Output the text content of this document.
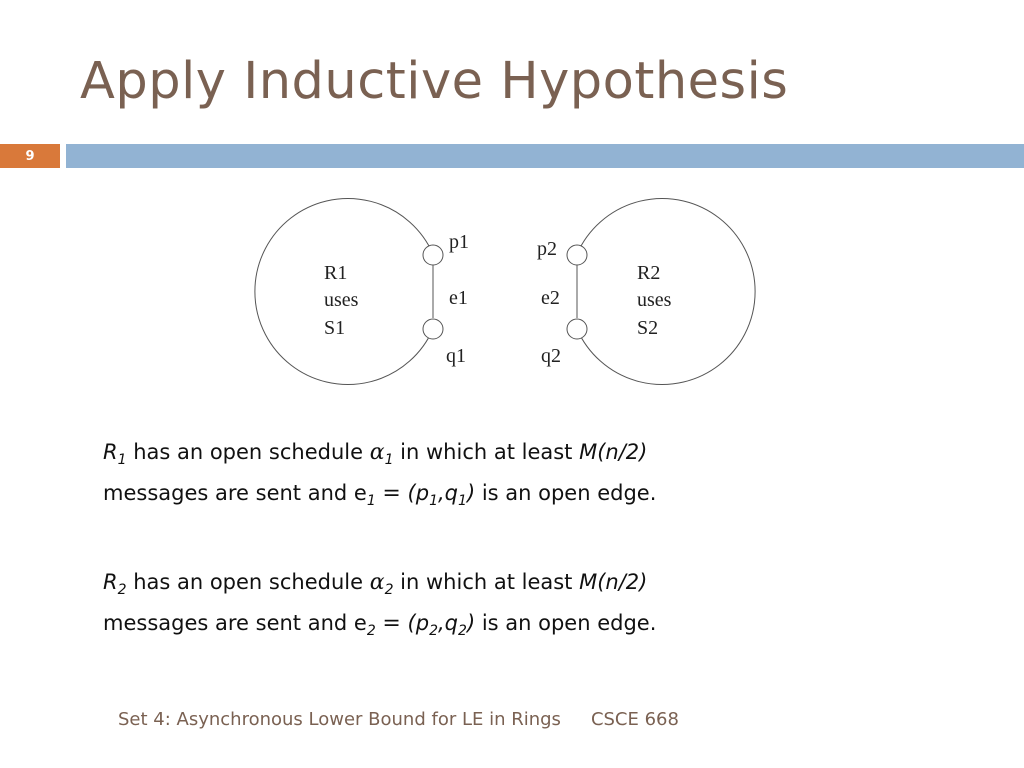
Apply Inductive Hypothesis
9
R1
uses
S1
p1
e1
q1
R2
uses
S2
p2
e2
q2
$R_1$ has an open schedule $\alpha_1$ in which at least M(n/2)
messages are sent and $e_1 = (p_1,q_1)$ is an open edge.
$R_2$ has an open schedule $\alpha_2$ in which at least M(n/2)
messages are sent and $e_2 = (p_2,q_2)$ is an open edge.
Set 4: Asynchronous Lower Bound for LE in Rings CSCE 668
